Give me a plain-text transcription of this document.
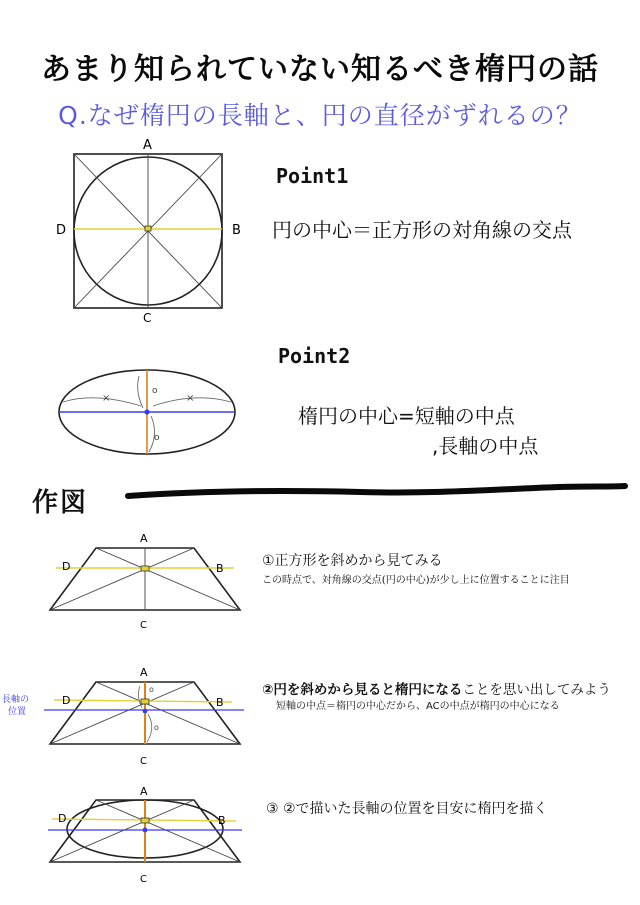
あまり知られていない知るべき楕円の話
Q.なぜ楕円の長軸と、円の直径がずれるの？
A
B
C
D
Point1
円の中心＝正方形の対角線の交点
×	×
o
o
Point2
楕円の中心=短軸の中点
,長軸の中点
作図
A
B
C
D	①正方形を斜めから見てみる
この時点で、対角線の交点(円の中心)が少し上に位置することに注目
長軸の
位置
o
o
A
B
C
D
②円を斜めから見ると楕円になることを思い出してみよう
短軸の中点＝楕円の中心だから、ACの中点が楕円の中心になる
A
B
C
D
③ ②で描いた長軸の位置を目安に楕円を描く
